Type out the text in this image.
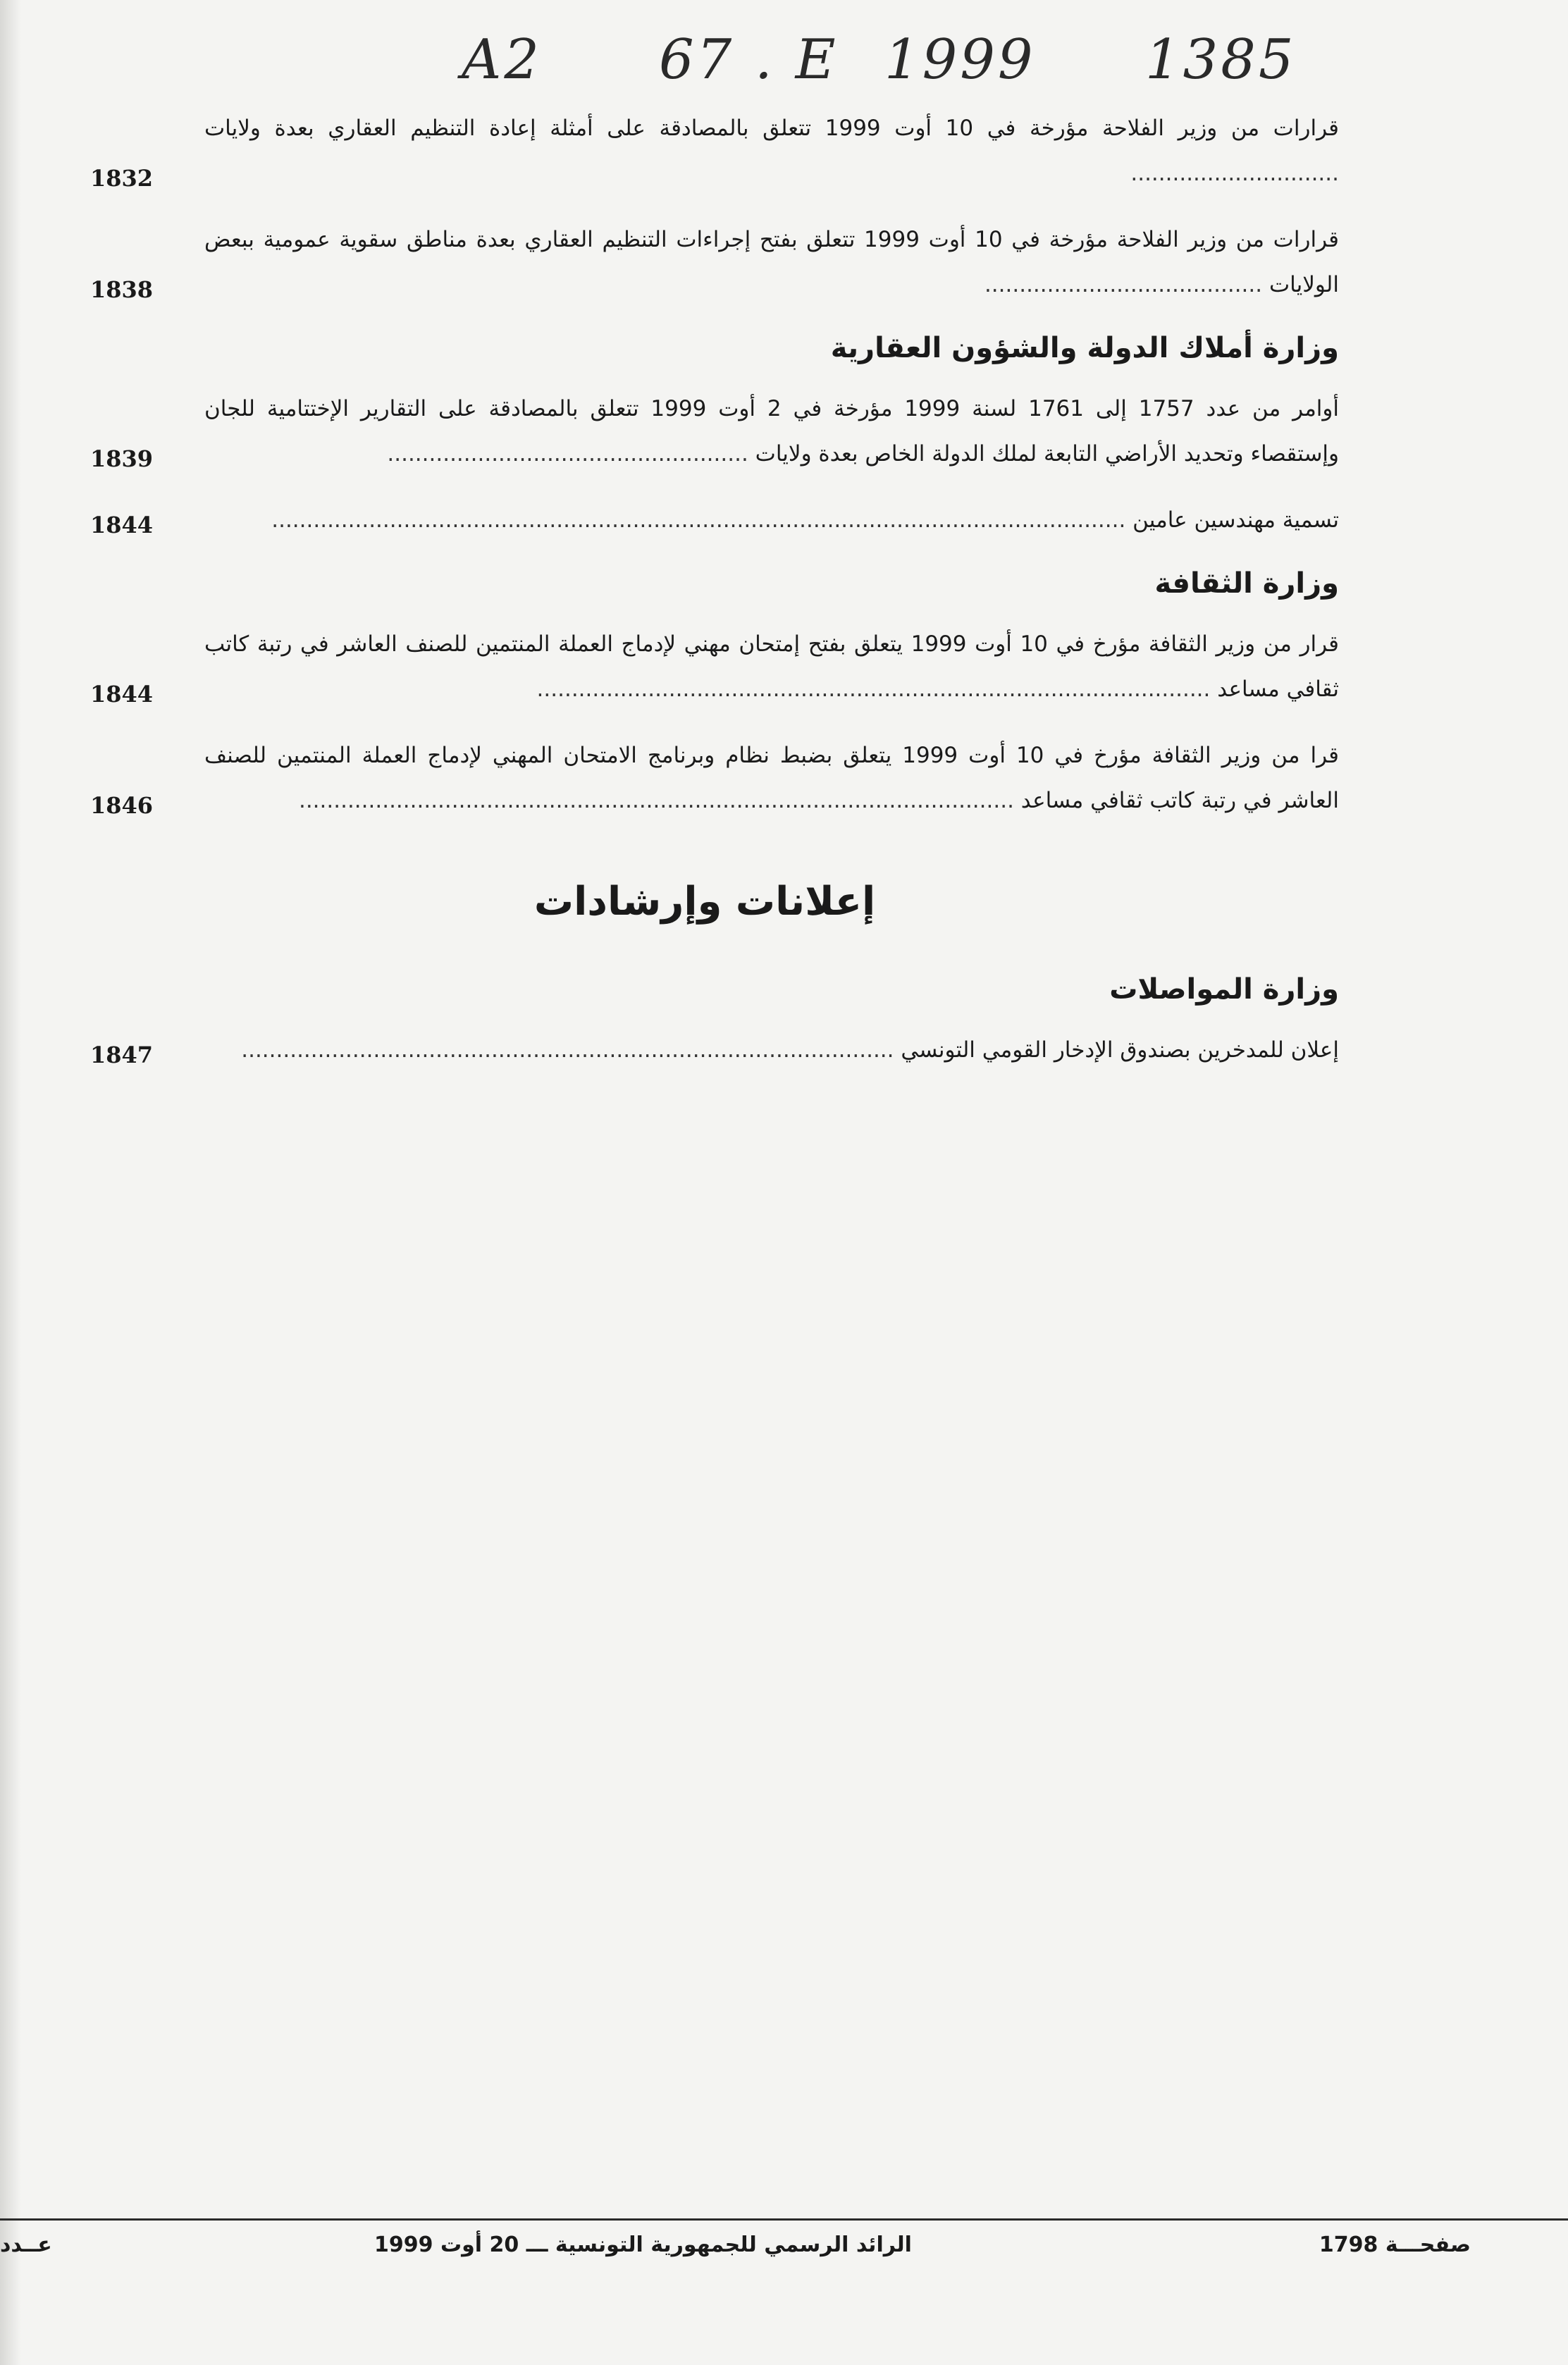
A2 67 . E 1999 1385
قرارات من وزير الفلاحة مؤرخة في 10 أوت 1999 تتعلق بالمصادقة على أمثلة إعادة التنظيم العقاري بعدة ولايات ..............................
1832
قرارات من وزير الفلاحة مؤرخة في 10 أوت 1999 تتعلق بفتح إجراءات التنظيم العقاري بعدة مناطق سقوية عمومية ببعض الولايات ........................................
1838
وزارة أملاك الدولة والشؤون العقارية
أوامر من عدد 1757 إلى 1761 لسنة 1999 مؤرخة في 2 أوت 1999 تتعلق بالمصادقة على التقارير الإختتامية للجان وإستقصاء وتحديد الأراضي التابعة لملك الدولة الخاص بعدة ولايات ....................................................
1839
تسمية مهندسين عامين ...........................................................................................................................
1844
وزارة الثقافة
قرار من وزير الثقافة مؤرخ في 10 أوت 1999 يتعلق بفتح إمتحان مهني لإدماج العملة المنتمين للصنف العاشر في رتبة كاتب ثقافي مساعد .................................................................................................
1844
قرا من وزير الثقافة مؤرخ في 10 أوت 1999 يتعلق بضبط نظام وبرنامج الامتحان المهني لإدماج العملة المنتمين للصنف العاشر في رتبة كاتب ثقافي مساعد .......................................................................................................
1846
إعلانات وإرشادات
وزارة المواصلات
إعلان للمدخرين بصندوق الإدخار القومي التونسي ..............................................................................................
1847
صفحـــة 1798
الرائد الرسمي للجمهورية التونسية ـــ 20 أوت 1999
عــدد
